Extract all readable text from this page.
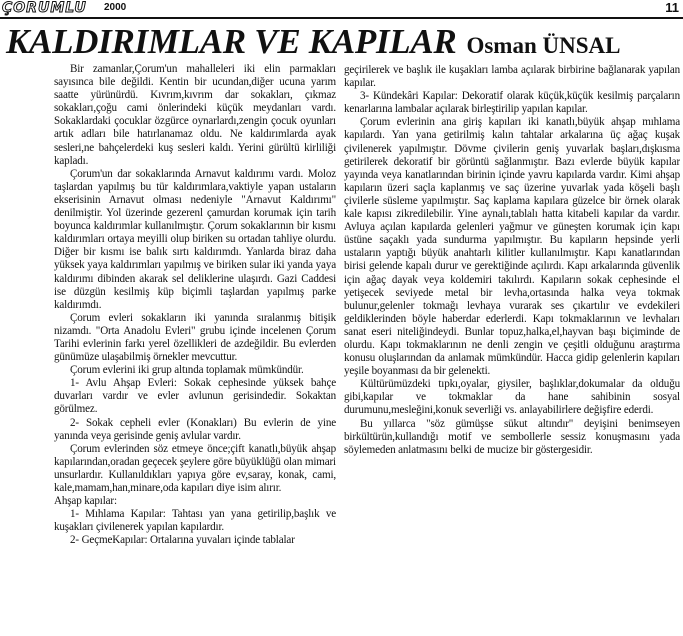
ÇORUMLU 2000	11
KALDIRIMLAR VE KAPILAR Osman ÜNSAL

Bir zamanlar,Çorum'un mahalleleri iki elin parmakları sayısınca bile değildi. Kentin bir ucundan,diğer ucuna yarım saatte yürünürdü. Kıvrım,kıvrım dar sokakları, çıkmaz sokakları,çoğu cami önlerindeki küçük meydanları vardı. Sokaklardaki çocuklar özgürce oynarlardı,zengin çocuk oyunları artık adları bile hatırlanamaz oldu. Ne kaldırımlarda ayak sesleri,ne bahçelerdeki kuş sesleri kaldı. Yerini gürültü kirliliği kapladı.

Çorum'un dar sokaklarında Arnavut kaldırımı vardı. Moloz taşlardan yapılmış bu tür kaldırımlara,vaktiyle yapan ustaların ekserisinin Arnavut olması nedeniyle "Arnavut Kaldırımı" denilmiştir. Yol üzerinde gezerenl çamurdan korumak için tarih boyunca kaldırımlar kullanılmıştır. Çorum sokaklarının bir kısmı kaldırımları ortaya meyilli olup biriken su ortadan tahliye olurdu. Diğer bir kısmı ise balık sırtı kaldırımdı. Yanlarda biraz daha yüksek yaya kaldırımları yapılmış ve biriken sular iki yanda yaya kaldırımı dibinden akarak sel deliklerine ulaşırdı. Gazi Caddesi ise düzgün kesilmiş küp biçimli taşlardan yapılmış parke kaldırımdı.

Çorum evleri sokakların iki yanında sıralanmış bitişik nizamdı. "Orta Anadolu Evleri" grubu içinde incelenen Çorum Tarihi evlerinin farkı yerel özellikleri de azdeğildir. Bu evlerden günümüze ulaşabilmiş örnekler mevcuttur.

Çorum evlerini iki grup altında toplamak mümkündür.

1- Avlu Ahşap Evleri: Sokak cephesinde yüksek bahçe duvarları vardır ve evler avlunun gerisindedir. Sokaktan görülmez.

2- Sokak cepheli evler (Konakları) Bu evlerin de yine yanında veya gerisinde geniş avlular vardır.

Çorum evlerinden söz etmeye önce;çift kanatlı,büyük ahşap kapılarından,oradan geçecek şeylere göre büyüklüğü olan mimari unsurlardır. Kullanıldıkları yapıya göre ev,saray, konak, cami, kale,mamam,han,minare,oda kapıları diye isim alırır.

Ahşap kapılar:

1- Mıhlama Kapılar: Tahtası yan yana getirilip,başlık ve kuşakları çivilenerek yapılan kapılardır.

2- GeçmeKapılar: Ortalarına yuvaları içinde tablalar

geçirilerek ve başlık ile kuşakları lamba açılarak birbirine bağlanarak yapılan kapılar.

3- Kündekâri Kapılar: Dekoratif olarak küçük,küçük kesilmiş parçaların kenarlarına lambalar açılarak birleştirilip yapılan kapılar.

Çorum evlerinin ana giriş kapıları iki kanatlı,büyük ahşap mıhlama kapılardı. Yan yana getirilmiş kalın tahtalar arkalarına üç ağaç kuşak çivilenerek yapılmıştır. Dövme çivilerin geniş yuvarlak başları,dışkısma getirilerek dekoratif bir görüntü sağlanmıştır. Bazı evlerde büyük kapılar yayında veya kanatlarından birinin içinde yavru kapılarda vardır. Kimi ahşap kapıların üzeri saçla kaplanmış ve saç üzerine yuvarlak yada köşeli başlı çivilerle süsleme yapılmıştır. Saç kaplama kapılara güzelce bir örnek olarak kale kapısı zikredilebilir. Yine aynalı,tablalı hatta kitabeli kapılar da vardır. Avluya açılan kapılarda gelenleri yağmur ve güneşten korumak için kapı üstüne saçaklı yada sundurma yapılmıştır. Bu kapıların hepsinde yerli ustaların yaptığı büyük anahtarlı kilitler kullanılmıştır. Kapı kanatlarından birisi gelende kapalı durur ve gerektiğinde açılırdı. Kapı arkalarında güvenlik için ağaç dayak veya koldemiri takılırdı. Kapıların sokak cephesinde el yetişecek seviyede metal bir levha,ortasında halka veya tokmak bulunur,gelenler tokmağı levhaya vurarak ses çıkartılır ve evdekileri geldiklerinden böyle haberdar ederlerdi. Kapı tokmaklarının ve levhaları sanat eseri niteliğindeydi. Bunlar topuz,halka,el,hayvan başı biçiminde de olurdu. Kapı tokmaklarının ne denli zengin ve çeşitli olduğunu araştırma konusu oluşlarından da anlamak mümkündür. Hacca gidip gelenlerin kapıları yeşile boyanması da bir gelenekti.

Kültürümüzdeki tıpkı,oyalar, giysiler, başlıklar,dokumalar da olduğu gibi,kapılar ve tokmaklar da hane sahibinin sosyal durumunu,mesleğini,konuk severliği vs. anlayabilirlere değişfire ederdi.

Bu yıllarca "söz gümüşse sükut altındır" deyişini benimseyen birkültürün,kullandığı motif ve sembollerle sessiz konuşmasını yada söylemeden anlatmasını belki de mucize bir göstergesidir.
